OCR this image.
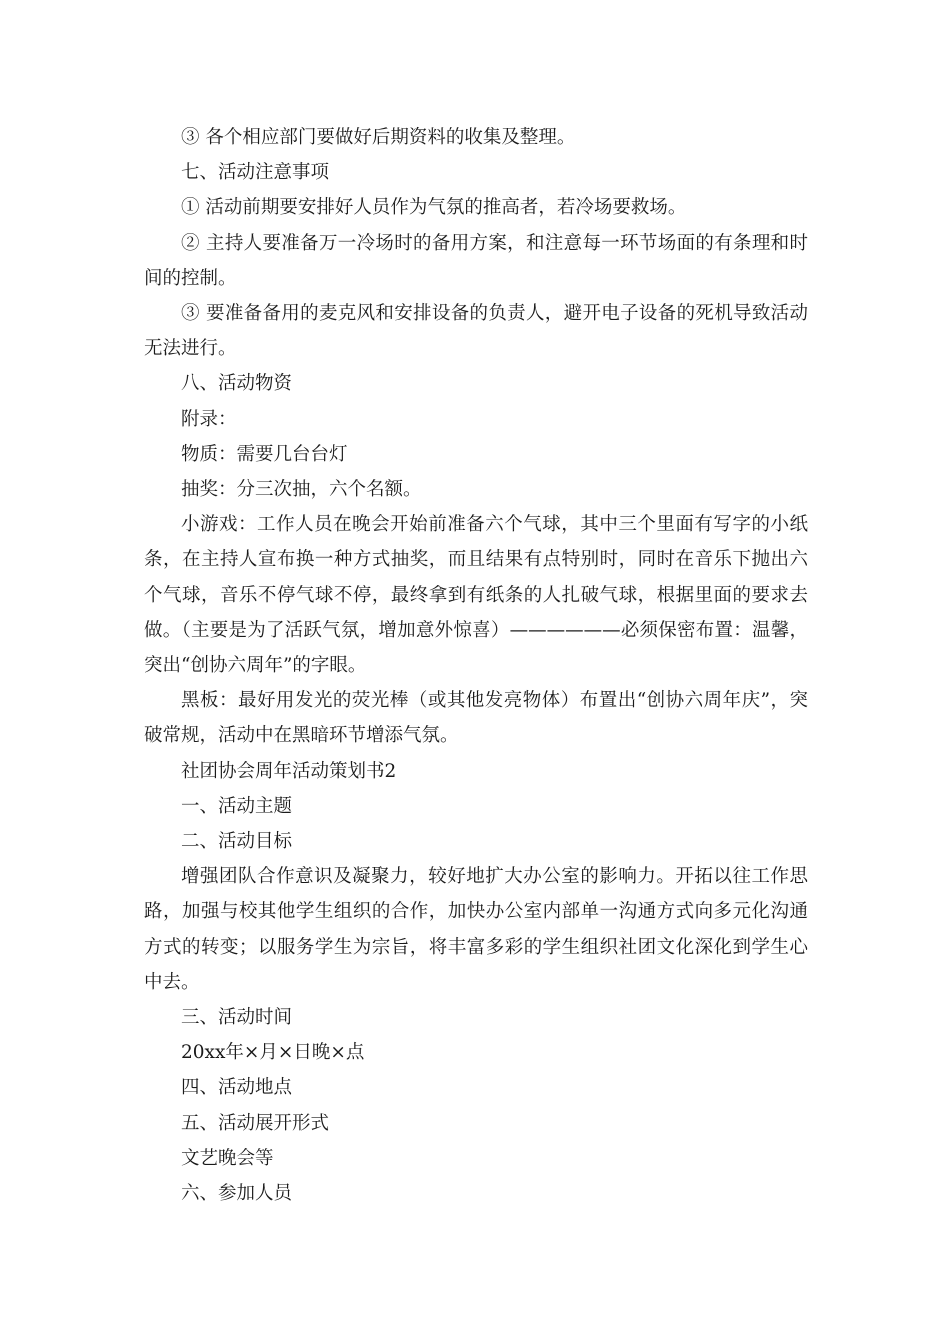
③ 各个相应部门要做好后期资料的收集及整理。

七、活动注意事项

① 活动前期要安排好人员作为气氛的推高者，若冷场要救场。

② 主持人要准备万一冷场时的备用方案，和注意每一环节场面的有条理和时间的控制。

③ 要准备备用的麦克风和安排设备的负责人，避开电子设备的死机导致活动无法进行。

八、活动物资

附录：

物质：需要几台台灯

抽奖：分三次抽，六个名额。

小游戏：工作人员在晚会开始前准备六个气球，其中三个里面有写字的小纸条，在主持人宣布换一种方式抽奖，而且结果有点特别时，同时在音乐下抛出六个气球，音乐不停气球不停，最终拿到有纸条的人扎破气球，根据里面的要求去做。（主要是为了活跃气氛，增加意外惊喜）——————必须保密布置：温馨，突出“创协六周年”的字眼。

黑板：最好用发光的荧光棒（或其他发亮物体）布置出“创协六周年庆”，突破常规，活动中在黑暗环节增添气氛。

社团协会周年活动策划书2

一、活动主题

二、活动目标

增强团队合作意识及凝聚力，较好地扩大办公室的影响力。开拓以往工作思路，加强与校其他学生组织的合作，加快办公室内部单一沟通方式向多元化沟通方式的转变；以服务学生为宗旨，将丰富多彩的学生组织社团文化深化到学生心中去。

三、活动时间

20xx年×月×日晚×点

四、活动地点

五、活动展开形式

文艺晚会等

六、参加人员
